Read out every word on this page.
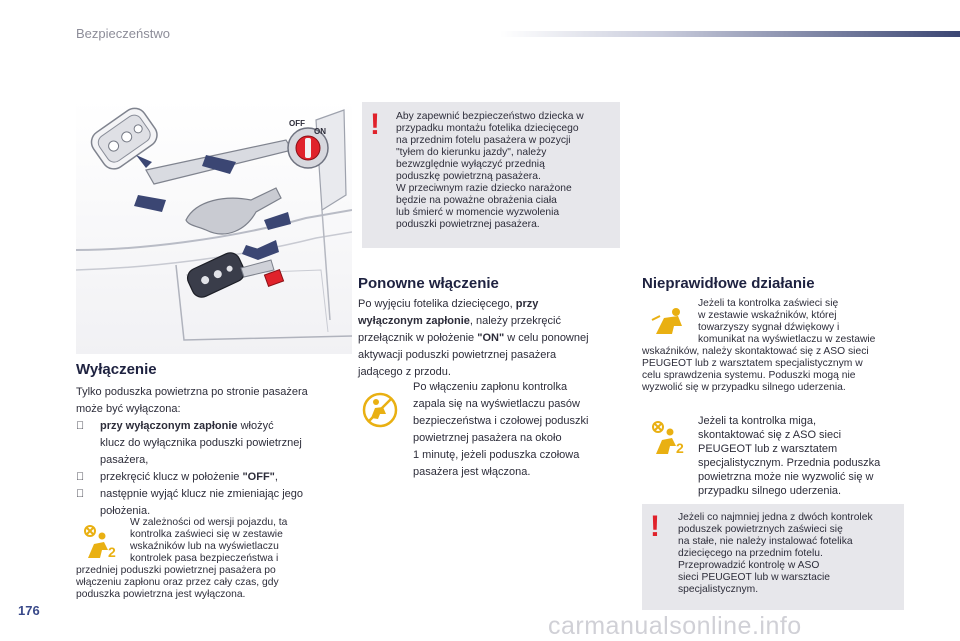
Bezpieczeństwo
OFF
ON ! Aby zapewnić bezpieczeństwo dziecka w
przypadku montażu fotelika dziecięcego
na przednim fotelu pasażera w pozycji
"tyłem do kierunku jazdy", należy
bezwzględnie wyłączyć przednią
poduszkę powietrzną pasażera.
W przeciwnym razie dziecko narażone
będzie na poważne obrażenia ciała
lub śmierć w momencie wyzwolenia
poduszki powietrznej pasażera.
Wyłączenie

Tylko poduszka powietrzna po stronie pasażera

może być wyłączona:

przy wyłączonym zapłonie włożyć
klucz do wyłącznika poduszki powietrznej
pasażera,
przekręcić klucz w położenie "OFF",
następnie wyjąć klucz nie zmieniając jego
położenia.
2
W zależności od wersji pojazdu, ta
kontrolka zaświeci się w zestawie
wskaźników lub na wyświetlaczu
kontrolek pasa bezpieczeństwa i
przedniej poduszki powietrznej pasażera po
włączeniu zapłonu oraz przez cały czas, gdy
poduszka powietrzna jest wyłączona.
Ponowne włączenie

Po wyjęciu fotelika dziecięcego, przy

wyłączonym zapłonie, należy przekręcić

przełącznik w położenie "ON" w celu ponownej

aktywacji poduszki powietrznej pasażera

jadącego z przodu.

Po włączeniu zapłonu kontrolka
zapala się na wyświetlaczu pasów
bezpieczeństwa i czołowej poduszki
powietrznej pasażera na około
1 minutę, jeżeli poduszka czołowa
pasażera jest włączona.
Nieprawidłowe działanie
Jeżeli ta kontrolka zaświeci się
w zestawie wskaźników, której
towarzyszy sygnał dźwiękowy i
komunikat na wyświetlaczu w zestawie
wskaźników, należy skontaktować się z ASO sieci
PEUGEOT lub z warsztatem specjalistycznym w
celu sprawdzenia systemu. Poduszki mogą nie
wyzwolić się w przypadku silnego uderzenia.
2
Jeżeli ta kontrolka miga,
skontaktować się z ASO sieci
PEUGEOT lub z warsztatem
specjalistycznym. Przednia poduszka
powietrzna może nie wyzwolić się w
przypadku silnego uderzenia.
! Jeżeli co najmniej jedna z dwóch kontrolek
poduszek powietrznych zaświeci się
na stałe, nie należy instalować fotelika
dziecięcego na przednim fotelu.
Przeprowadzić kontrolę w ASO
sieci PEUGEOT lub w warsztacie
specjalistycznym.
176
carmanualsonline.info
